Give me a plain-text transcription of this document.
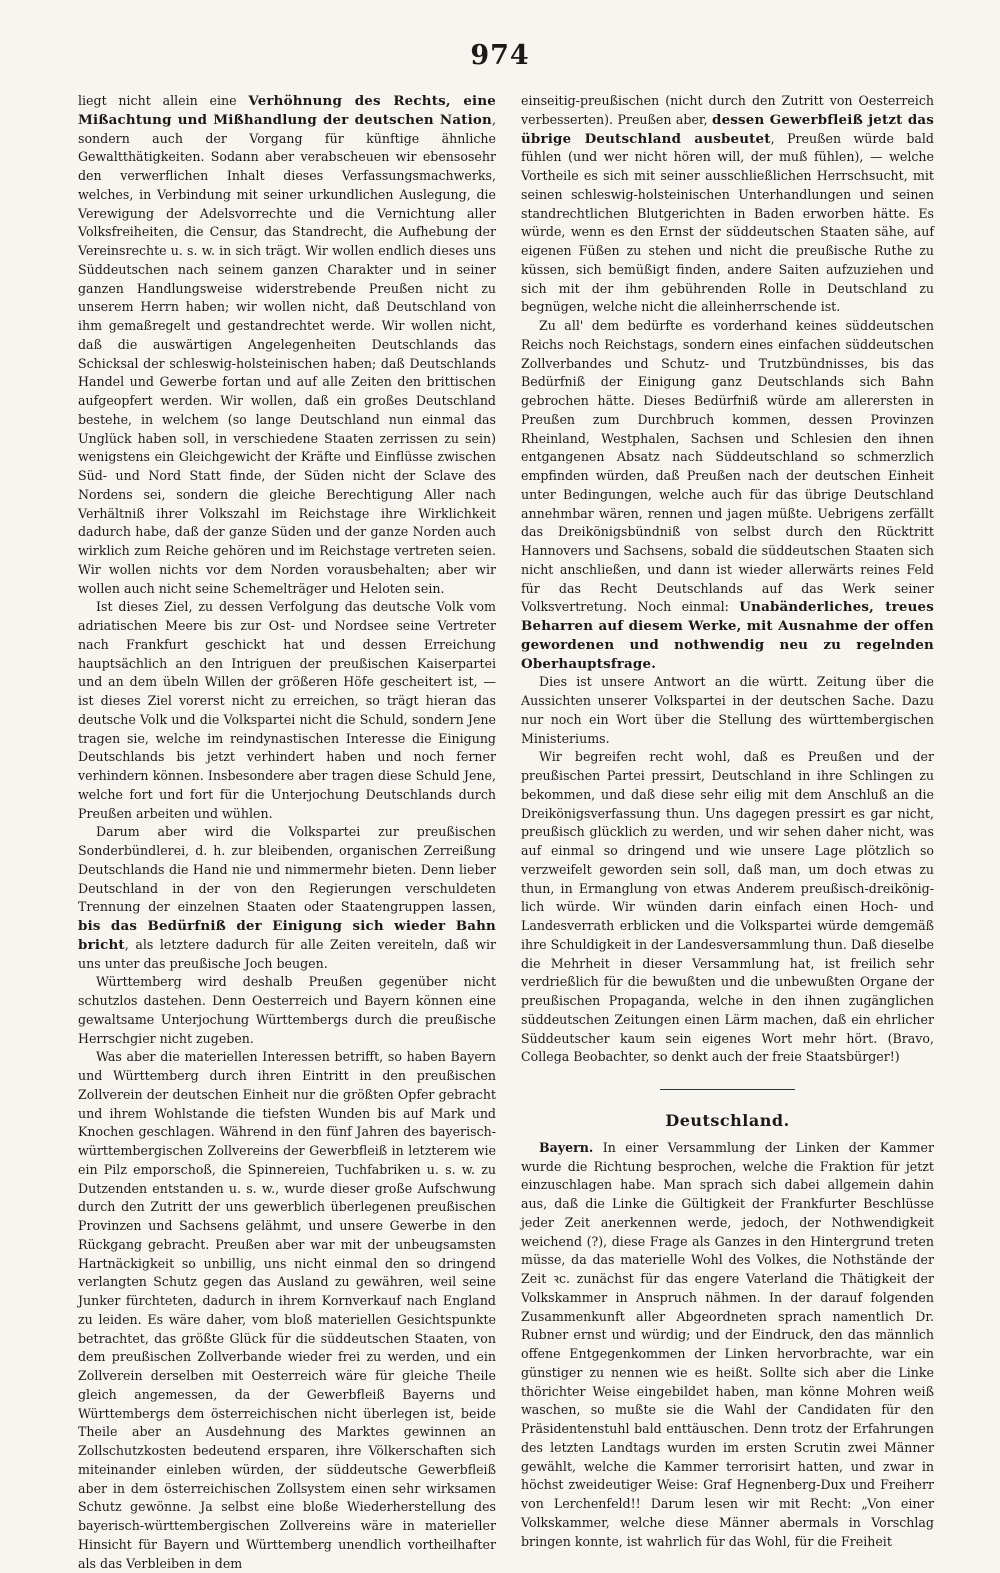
974

liegt nicht allein eine Verhöhnung des Rechts, eine Mißachtung und Mißhandlung der deutschen Nation, sondern auch der Vorgang für künftige ähnliche Gewaltthätigkeiten. Sodann aber verabscheuen wir ebensosehr den verwerflichen Inhalt dieses Verfassungsmachwerks, welches, in Verbindung mit seiner urkundlichen Auslegung, die Verewigung der Adelsvorrechte und die Vernichtung aller Volksfreiheiten, die Censur, das Standrecht, die Aufhebung der Vereinsrechte u. s. w. in sich trägt. Wir wollen endlich dieses uns Süddeutschen nach seinem ganzen Charakter und in seiner ganzen Handlungsweise widerstrebende Preußen nicht zu unserem Herrn haben; wir wollen nicht, daß Deutschland von ihm gemaßregelt und gestandrechtet werde. Wir wollen nicht, daß die auswärtigen Angelegenheiten Deutschlands das Schicksal der schleswig-holsteinischen haben; daß Deutschlands Handel und Gewerbe fortan und auf alle Zeiten den brittischen aufgeopfert werden. Wir wollen, daß ein großes Deutschland bestehe, in welchem (so lange Deutschland nun einmal das Unglück haben soll, in verschiedene Staaten zerrissen zu sein) wenigstens ein Gleichgewicht der Kräfte und Einflüsse zwischen Süd- und Nord Statt finde, der Süden nicht der Sclave des Nordens sei, sondern die gleiche Berechtigung Aller nach Verhältniß ihrer Volkszahl im Reichstage ihre Wirklichkeit dadurch habe, daß der ganze Süden und der ganze Norden auch wirklich zum Reiche gehören und im Reichstage vertreten seien. Wir wollen nichts vor dem Norden vorausbehalten; aber wir wollen auch nicht seine Schemelträger und Heloten sein.

Ist dieses Ziel, zu dessen Verfolgung das deutsche Volk vom adriatischen Meere bis zur Ost- und Nordsee seine Vertreter nach Frankfurt geschickt hat und dessen Erreichung hauptsächlich an den Intriguen der preußischen Kaiserpartei und an dem übeln Willen der größeren Höfe gescheitert ist, — ist dieses Ziel vorerst nicht zu erreichen, so trägt hieran das deutsche Volk und die Volkspartei nicht die Schuld, sondern Jene tragen sie, welche im reindynastischen Interesse die Einigung Deutschlands bis jetzt verhindert haben und noch ferner verhindern können. Insbesondere aber tragen diese Schuld Jene, welche fort und fort für die Unterjochung Deutschlands durch Preußen arbeiten und wühlen.

Darum aber wird die Volkspartei zur preußischen Sonderbündlerei, d. h. zur bleibenden, organischen Zerreißung Deutschlands die Hand nie und nimmermehr bieten. Denn lieber Deutschland in der von den Regierungen verschuldeten Trennung der einzelnen Staaten oder Staatengruppen lassen, bis das Bedürfniß der Einigung sich wieder Bahn bricht, als letztere dadurch für alle Zeiten vereiteln, daß wir uns unter das preußische Joch beugen.

Württemberg wird deshalb Preußen gegenüber nicht schutzlos dastehen. Denn Oesterreich und Bayern können eine gewaltsame Unterjochung Württembergs durch die preußische Herrschgier nicht zugeben.

Was aber die materiellen Interessen betrifft, so haben Bayern und Württemberg durch ihren Eintritt in den preußischen Zollverein der deutschen Einheit nur die größten Opfer gebracht und ihrem Wohlstande die tiefsten Wunden bis auf Mark und Knochen geschlagen. Während in den fünf Jahren des bayerisch-württembergischen Zollvereins der Gewerbfleiß in letzterem wie ein Pilz emporschoß, die Spinnereien, Tuchfabriken u. s. w. zu Dutzenden entstanden u. s. w., wurde dieser große Aufschwung durch den Zutritt der uns gewerblich überlegenen preußischen Provinzen und Sachsens gelähmt, und unsere Gewerbe in den Rückgang gebracht. Preußen aber war mit der unbeugsamsten Hartnäckigkeit so unbillig, uns nicht einmal den so dringend verlangten Schutz gegen das Ausland zu gewähren, weil seine Junker fürchteten, dadurch in ihrem Kornverkauf nach England zu leiden. Es wäre daher, vom bloß materiellen Gesichtspunkte betrachtet, das größte Glück für die süddeutschen Staaten, von dem preußischen Zollverbande wieder frei zu werden, und ein Zollverein derselben mit Oesterreich wäre für gleiche Theile gleich angemessen, da der Gewerbfleiß Bayerns und Württembergs dem österreichischen nicht überlegen ist, beide Theile aber an Ausdehnung des Marktes gewinnen an Zollschutzkosten bedeutend ersparen, ihre Völkerschaften sich miteinander einleben würden, der süddeutsche Gewerbfleiß aber in dem österreichischen Zollsystem einen sehr wirksamen Schutz gewönne. Ja selbst eine bloße Wiederherstellung des bayerisch-württembergischen Zollvereins wäre in materieller Hinsicht für Bayern und Württemberg unendlich vortheilhafter als das Verbleiben in dem

einseitig-preußischen (nicht durch den Zutritt von Oesterreich verbesserten). Preußen aber, dessen Gewerbfleiß jetzt das übrige Deutschland ausbeutet, Preußen würde bald fühlen (und wer nicht hören will, der muß fühlen), — welche Vortheile es sich mit seiner ausschließlichen Herrschsucht, mit seinen schleswig-holsteinischen Unterhandlungen und seinen standrechtlichen Blutgerichten in Baden erworben hätte. Es würde, wenn es den Ernst der süddeutschen Staaten sähe, auf eigenen Füßen zu stehen und nicht die preußische Ruthe zu küssen, sich bemüßigt finden, andere Saiten aufzuziehen und sich mit der ihm gebührenden Rolle in Deutschland zu begnügen, welche nicht die alleinherrschende ist.

Zu all' dem bedürfte es vorderhand keines süddeutschen Reichs noch Reichstags, sondern eines einfachen süddeutschen Zollverbandes und Schutz- und Trutzbündnisses, bis das Bedürfniß der Einigung ganz Deutschlands sich Bahn gebrochen hätte. Dieses Bedürfniß würde am allerersten in Preußen zum Durchbruch kommen, dessen Provinzen Rheinland, Westphalen, Sachsen und Schlesien den ihnen entgangenen Absatz nach Süddeutschland so schmerzlich empfinden würden, daß Preußen nach der deutschen Einheit unter Bedingungen, welche auch für das übrige Deutschland annehmbar wären, rennen und jagen müßte. Uebrigens zerfällt das Dreikönigsbündniß von selbst durch den Rücktritt Hannovers und Sachsens, sobald die süddeutschen Staaten sich nicht anschließen, und dann ist wieder allerwärts reines Feld für das Recht Deutschlands auf das Werk seiner Volksvertretung. Noch einmal: Unabänderliches, treues Beharren auf diesem Werke, mit Ausnahme der offen gewordenen und nothwendig neu zu regelnden Oberhauptsfrage.

Dies ist unsere Antwort an die württ. Zeitung über die Aussichten unserer Volkspartei in der deutschen Sache. Dazu nur noch ein Wort über die Stellung des württembergischen Ministeriums.

Wir begreifen recht wohl, daß es Preußen und der preußischen Partei pressirt, Deutschland in ihre Schlingen zu bekommen, und daß diese sehr eilig mit dem Anschluß an die Dreikönigsverfassung thun. Uns dagegen pressirt es gar nicht, preußisch glücklich zu werden, und wir sehen daher nicht, was auf einmal so dringend und wie unsere Lage plötzlich so verzweifelt geworden sein soll, daß man, um doch etwas zu thun, in Ermanglung von etwas Anderem preußisch-dreikönig-lich würde. Wir wünden darin einfach einen Hoch- und Landesverrath erblicken und die Volkspartei würde demgemäß ihre Schuldigkeit in der Landesversammlung thun. Daß dieselbe die Mehrheit in dieser Versammlung hat, ist freilich sehr verdrießlich für die bewußten und die unbewußten Organe der preußischen Propaganda, welche in den ihnen zugänglichen süddeutschen Zeitungen einen Lärm machen, daß ein ehrlicher Süddeutscher kaum sein eigenes Wort mehr hört. (Bravo, Collega Beobachter, so denkt auch der freie Staatsbürger!)

Deutschland.

Bayern. In einer Versammlung der Linken der Kammer wurde die Richtung besprochen, welche die Fraktion für jetzt einzuschlagen habe. Man sprach sich dabei allgemein dahin aus, daß die Linke die Gültigkeit der Frankfurter Beschlüsse jeder Zeit anerkennen werde, jedoch, der Nothwendigkeit weichend (?), diese Frage als Ganzes in den Hintergrund treten müsse, da das materielle Wohl des Volkes, die Nothstände der Zeit ꝛc. zunächst für das engere Vaterland die Thätigkeit der Volkskammer in Anspruch nähmen. In der darauf folgenden Zusammenkunft aller Abgeordneten sprach namentlich Dr. Rubner ernst und würdig; und der Eindruck, den das männlich offene Entgegenkommen der Linken hervorbrachte, war ein günstiger zu nennen wie es heißt. Sollte sich aber die Linke thörichter Weise eingebildet haben, man könne Mohren weiß waschen, so mußte sie die Wahl der Candidaten für den Präsidentenstuhl bald enttäuschen. Denn trotz der Erfahrungen des letzten Landtags wurden im ersten Scrutin zwei Männer gewählt, welche die Kammer terrorisirt hatten, und zwar in höchst zweideutiger Weise: Graf Hegnenberg-Dux und Freiherr von Lerchenfeld!! Darum lesen wir mit Recht: „Von einer Volkskammer, welche diese Männer abermals in Vorschlag bringen konnte, ist wahrlich für das Wohl, für die Freiheit
